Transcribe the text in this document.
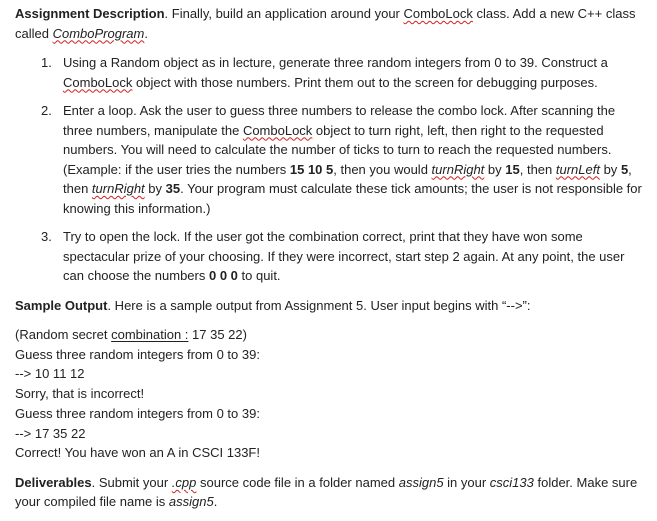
Assignment Description. Finally, build an application around your ComboLock class. Add a new C++ class called ComboProgram.

1. Using a Random object as in lecture, generate three random integers from 0 to 39. Construct a ComboLock object with those numbers. Print them out to the screen for debugging purposes.
2. Enter a loop. Ask the user to guess three numbers to release the combo lock. After scanning the three numbers, manipulate the ComboLock object to turn right, left, then right to the requested numbers. You will need to calculate the number of ticks to turn to reach the requested numbers. (Example: if the user tries the numbers 15 10 5, then you would turnRight by 15, then turnLeft by 5, then turnRight by 35. Your program must calculate these tick amounts; the user is not responsible for knowing this information.)
3. Try to open the lock. If the user got the combination correct, print that they have won some spectacular prize of your choosing. If they were incorrect, start step 2 again. At any point, the user can choose the numbers 0 0 0 to quit.

Sample Output. Here is a sample output from Assignment 5. User input begins with “-->”:

(Random secret combination : 17 35 22)

Guess three random integers from 0 to 39:

--> 10 11 12

Sorry, that is incorrect!

Guess three random integers from 0 to 39:

--> 17 35 22

Correct! You have won an A in CSCI 133F!

Deliverables. Submit your .cpp source code file in a folder named assign5 in your csci133 folder. Make sure your compiled file name is assign5.
